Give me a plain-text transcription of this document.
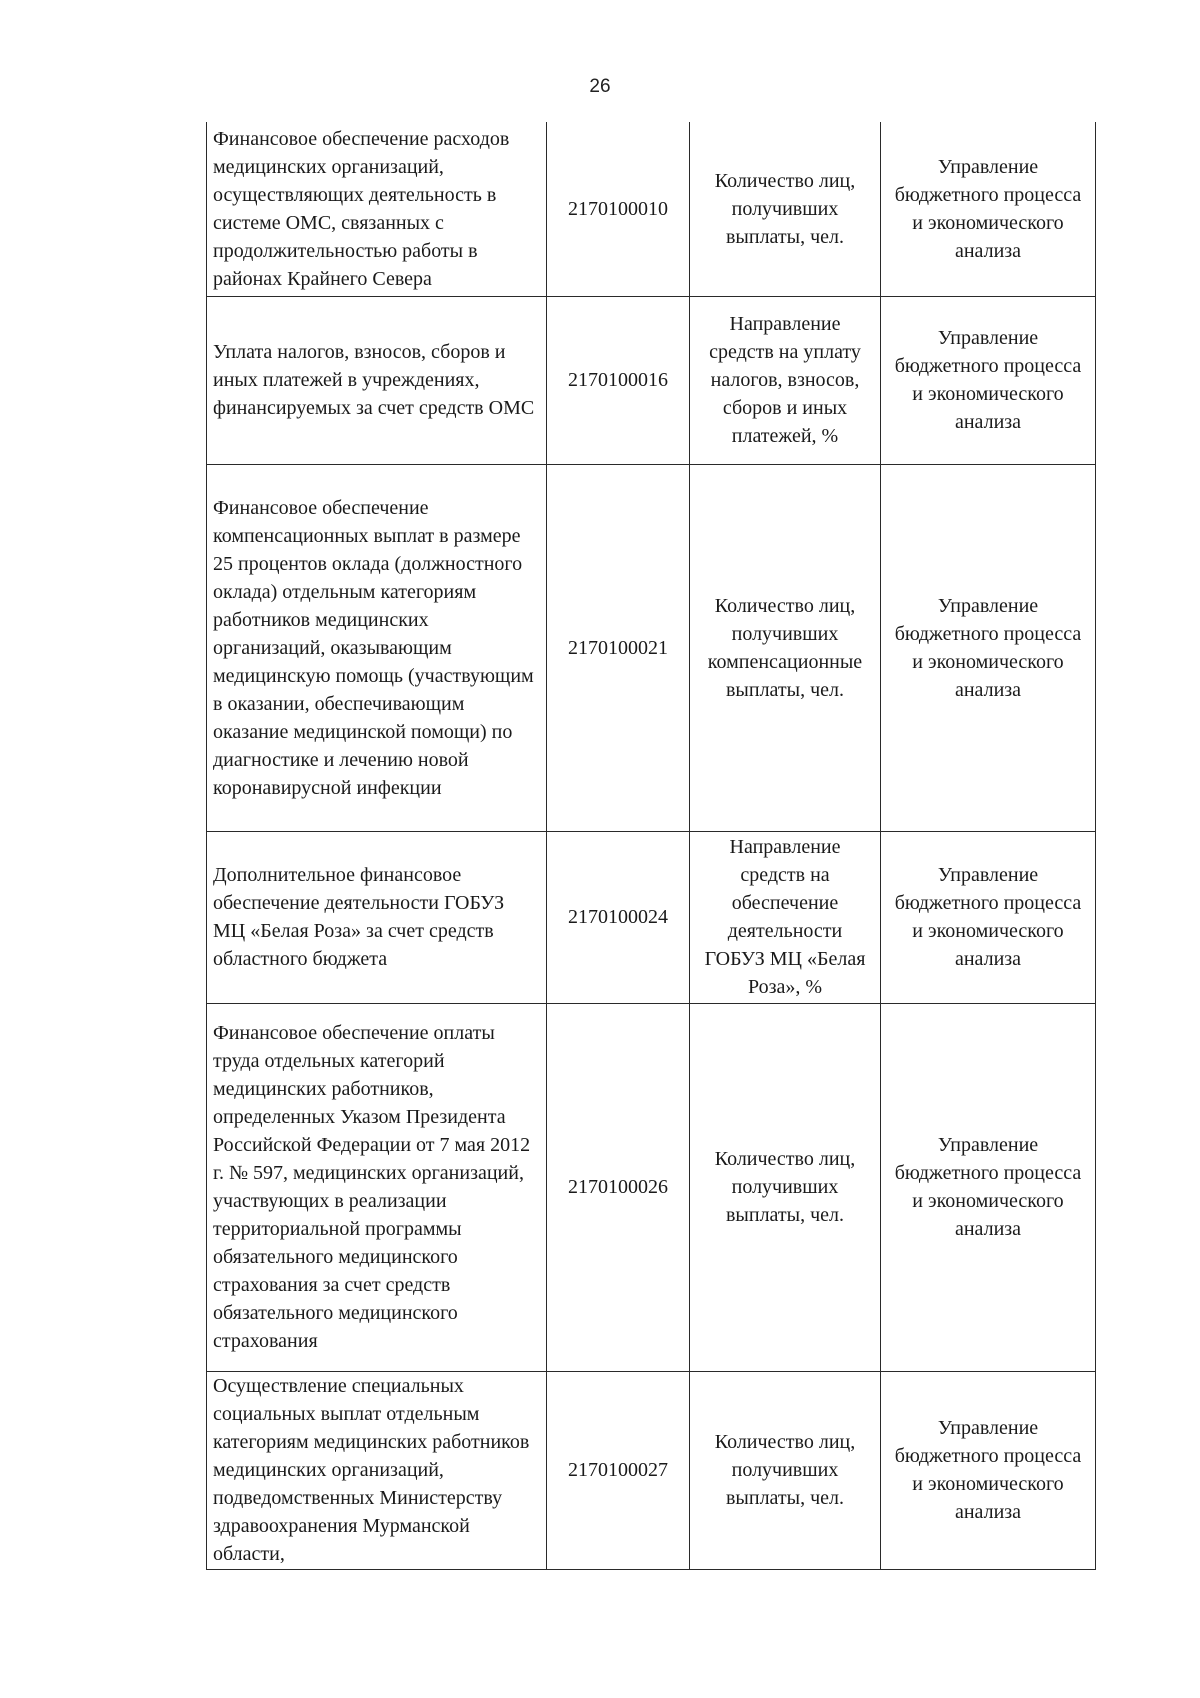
26
Финансовое обеспечение расходов медицинских организаций, осуществляющих деятельность в системе ОМС, связанных с продолжительностью работы в районах Крайнего Севера	2170100010	Количество лиц, получивших выплаты, чел.	Управление бюджетного процесса и экономического анализа
Уплата налогов, взносов, сборов и иных платежей в учреждениях, финансируемых за счет средств ОМС	2170100016	Направление средств на уплату налогов, взносов, сборов и иных платежей, %	Управление бюджетного процесса и экономического анализа
Финансовое обеспечение компенсационных выплат в размере 25 процентов оклада (должностного оклада) отдельным категориям работников медицинских организаций, оказывающим медицинскую помощь (участвующим в оказании, обеспечивающим оказание медицинской помощи) по диагностике и лечению новой коронавирусной инфекции	2170100021	Количество лиц, получивших компенсационные выплаты, чел.	Управление бюджетного процесса и экономического анализа
Дополнительное финансовое обеспечение деятельности ГОБУЗ МЦ «Белая Роза» за счет средств областного бюджета	2170100024	Направление средств на обеспечение деятельности ГОБУЗ МЦ «Белая Роза», %	Управление бюджетного процесса и экономического анализа
Финансовое обеспечение оплаты труда отдельных категорий медицинских работников, определенных Указом Президента Российской Федерации от 7 мая 2012 г. № 597, медицинских организаций, участвующих в реализации территориальной программы обязательного медицинского страхования за счет средств обязательного медицинского страхования	2170100026	Количество лиц, получивших выплаты, чел.	Управление бюджетного процесса и экономического анализа
Осуществление специальных социальных выплат отдельным категориям медицинских работников медицинских организаций, подведомственных Министерству здравоохранения Мурманской области,	2170100027	Количество лиц, получивших выплаты, чел.	Управление бюджетного процесса и экономического анализа
